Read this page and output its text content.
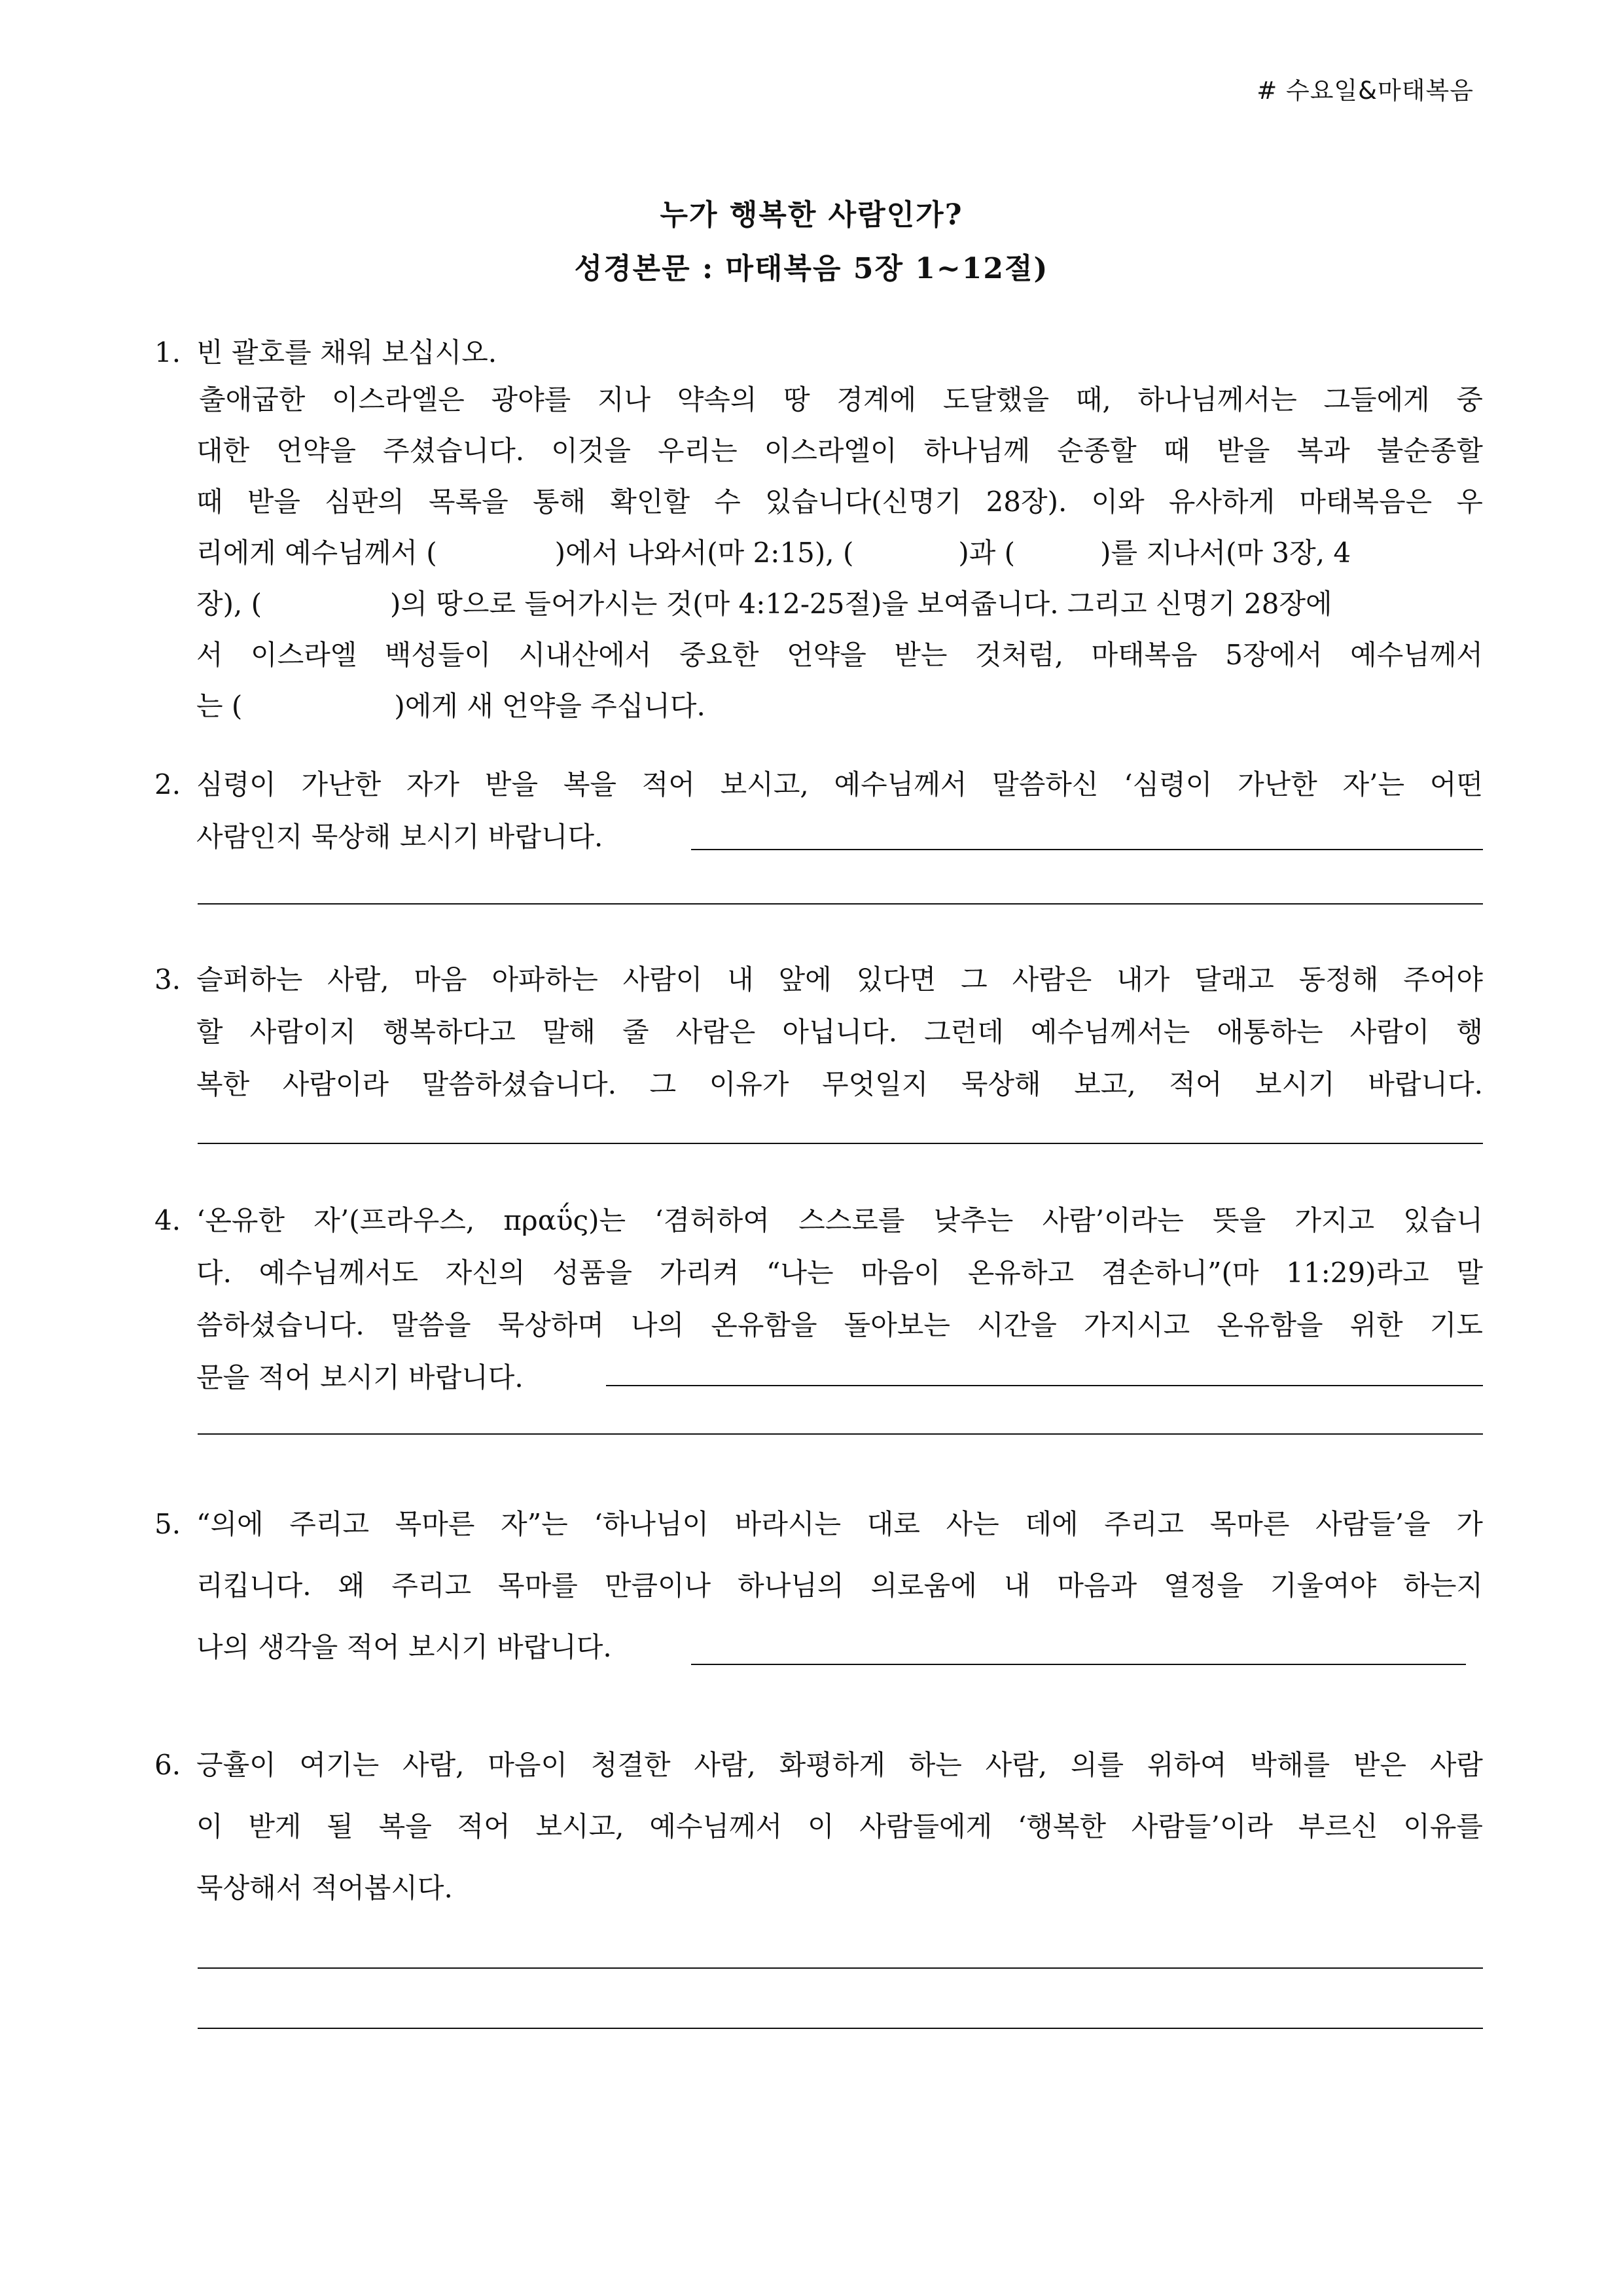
# 수요일&마태복음
누가 행복한 사람인가?
성경본문 : 마태복음 5장 1~12절)
1. 빈 괄호를 채워 보십시오.
출애굽한 이스라엘은 광야를 지나 약속의 땅 경계에 도달했을 때, 하나님께서는 그들에게 중
대한 언약을 주셨습니다. 이것을 우리는 이스라엘이 하나님께 순종할 때 받을 복과 불순종할
때 받을 심판의 목록을 통해 확인할 수 있습니다(신명기 28장). 이와 유사하게 마태복음은 우
리에게 예수님께서 (	)에서 나와서(마 2:15), (	)과 (	)를 지나서(마 3장, 4
장), (	)의 땅으로 들어가시는 것(마 4:12-25절)을 보여줍니다. 그리고 신명기 28장에
서 이스라엘 백성들이 시내산에서 중요한 언약을 받는 것처럼, 마태복음 5장에서 예수님께서
는 (	)에게 새 언약을 주십니다.
2. 심령이 가난한 자가 받을 복을 적어 보시고, 예수님께서 말씀하신 ‘심령이 가난한 자’는 어떤
사람인지 묵상해 보시기 바랍니다.
3. 슬퍼하는 사람, 마음 아파하는 사람이 내 앞에 있다면 그 사람은 내가 달래고 동정해 주어야
할 사람이지 행복하다고 말해 줄 사람은 아닙니다. 그런데 예수님께서는 애통하는 사람이 행
복한 사람이라 말씀하셨습니다. 그 이유가 무엇일지 묵상해 보고, 적어 보시기 바랍니다.
4. ‘온유한 자’(프라우스, πραΰς)는 ‘겸허하여 스스로를 낮추는 사람’이라는 뜻을 가지고 있습니
다. 예수님께서도 자신의 성품을 가리켜 “나는 마음이 온유하고 겸손하니”(마 11:29)라고 말
씀하셨습니다. 말씀을 묵상하며 나의 온유함을 돌아보는 시간을 가지시고 온유함을 위한 기도
문을 적어 보시기 바랍니다.
5. “의에 주리고 목마른 자”는 ‘하나님이 바라시는 대로 사는 데에 주리고 목마른 사람들’을 가
리킵니다. 왜 주리고 목마를 만큼이나 하나님의 의로움에 내 마음과 열정을 기울여야 하는지
나의 생각을 적어 보시기 바랍니다.
6. 긍휼이 여기는 사람, 마음이 청결한 사람, 화평하게 하는 사람, 의를 위하여 박해를 받은 사람
이 받게 될 복을 적어 보시고, 예수님께서 이 사람들에게 ‘행복한 사람들’이라 부르신 이유를
묵상해서 적어봅시다.
